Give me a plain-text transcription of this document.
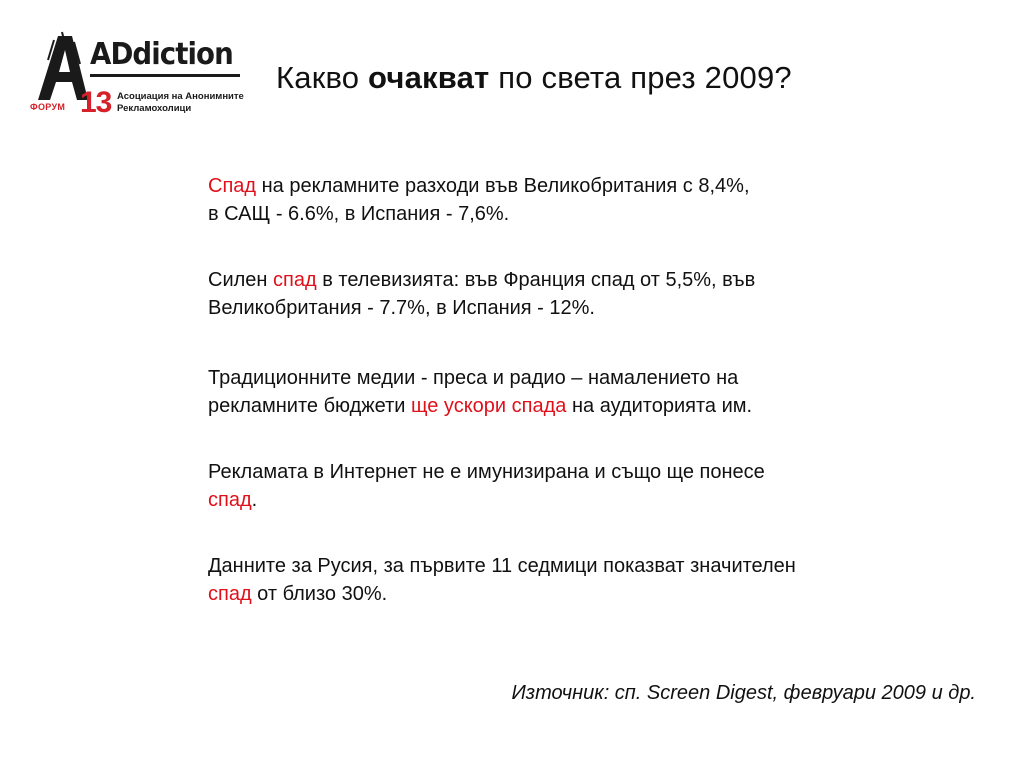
ADdiction
ФОРУМ 13 Асоциация на Анонимните
Рекламохолици
Какво очакват по света през 2009?
Спад на рекламните разходи във Великобритания с 8,4%,
в САЩ - 6.6%, в Испания - 7,6%.
Силен спад в телевизията: във Франция спад от 5,5%, във
Великобритания - 7.7%, в Испания - 12%.
Традиционните медии - преса и радио – намалението на
рекламните бюджети ще ускори спада на аудиторията им.
Рекламата в Интернет не е имунизирана и също ще понесе
спад.
Данните за Русия, за първите 11 седмици показват значителен
спад от близо 30%.
Източник: сп. Screen Digest, февруари 2009 и др.
